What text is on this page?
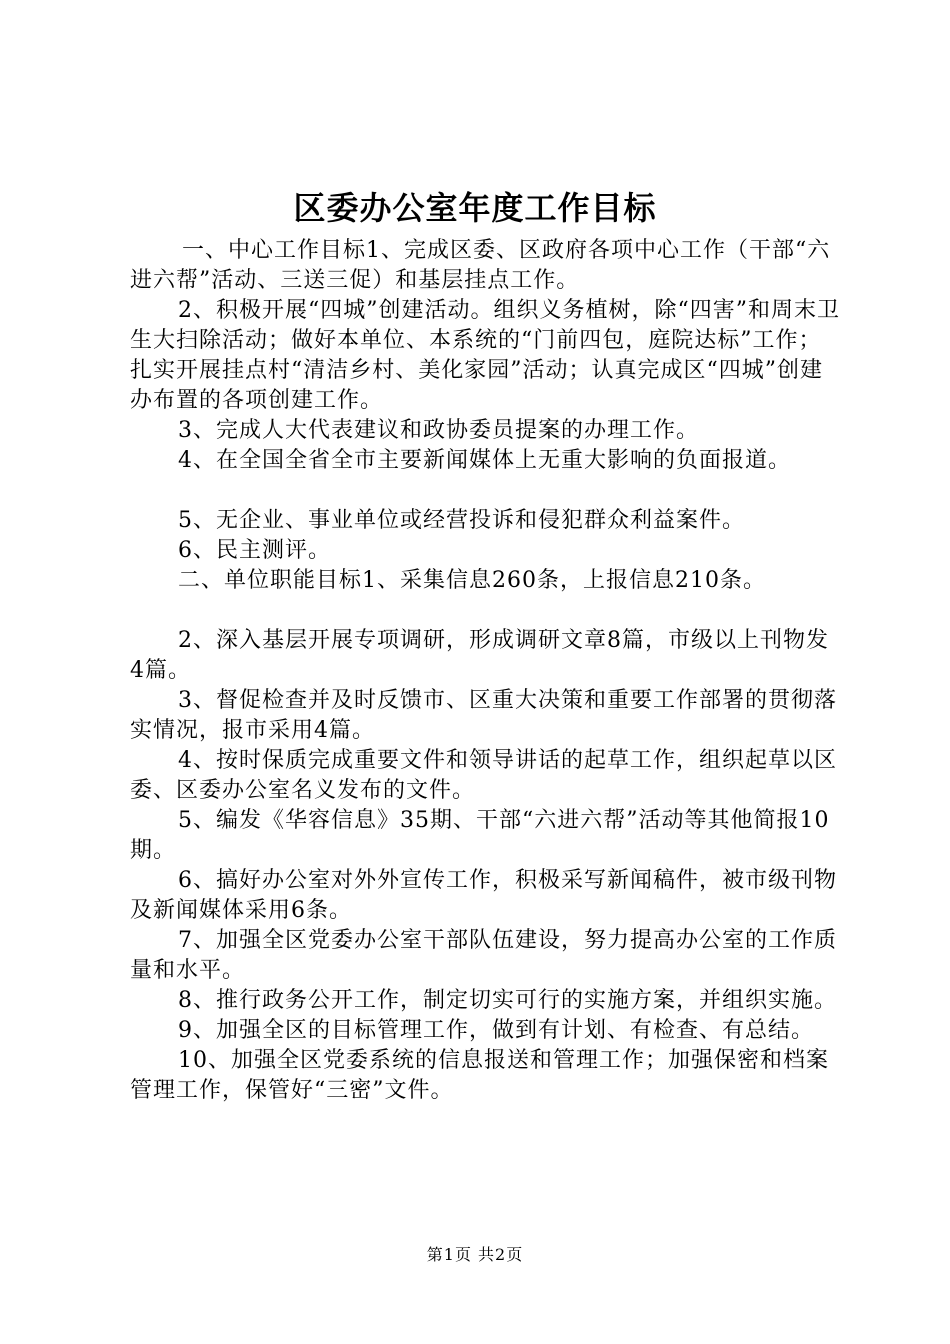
区委办公室年度工作目标

一、中心工作目标1、完成区委、区政府各项中心工作（干部“六进六帮”活动、三送三促）和基层挂点工作。

2、积极开展“四城”创建活动。组织义务植树，除“四害”和周末卫生大扫除活动；做好本单位、本系统的“门前四包，庭院达标”工作；扎实开展挂点村“清洁乡村、美化家园”活动；认真完成区“四城”创建办布置的各项创建工作。

3、完成人大代表建议和政协委员提案的办理工作。

4、在全国全省全市主要新闻媒体上无重大影响的负面报道。

5、无企业、事业单位或经营投诉和侵犯群众利益案件。

6、民主测评。

二、单位职能目标1、采集信息260条，上报信息210条。

2、深入基层开展专项调研，形成调研文章8篇，市级以上刊物发4篇。

3、督促检查并及时反馈市、区重大决策和重要工作部署的贯彻落实情况，报市采用4篇。

4、按时保质完成重要文件和领导讲话的起草工作，组织起草以区委、区委办公室名义发布的文件。

5、编发《华容信息》35期、干部“六进六帮”活动等其他简报10期。

6、搞好办公室对外外宣传工作，积极采写新闻稿件，被市级刊物及新闻媒体采用6条。

7、加强全区党委办公室干部队伍建设，努力提高办公室的工作质量和水平。

8、推行政务公开工作，制定切实可行的实施方案，并组织实施。

9、加强全区的目标管理工作，做到有计划、有检查、有总结。

10、加强全区党委系统的信息报送和管理工作；加强保密和档案管理工作，保管好“三密”文件。

第1页 共2页
